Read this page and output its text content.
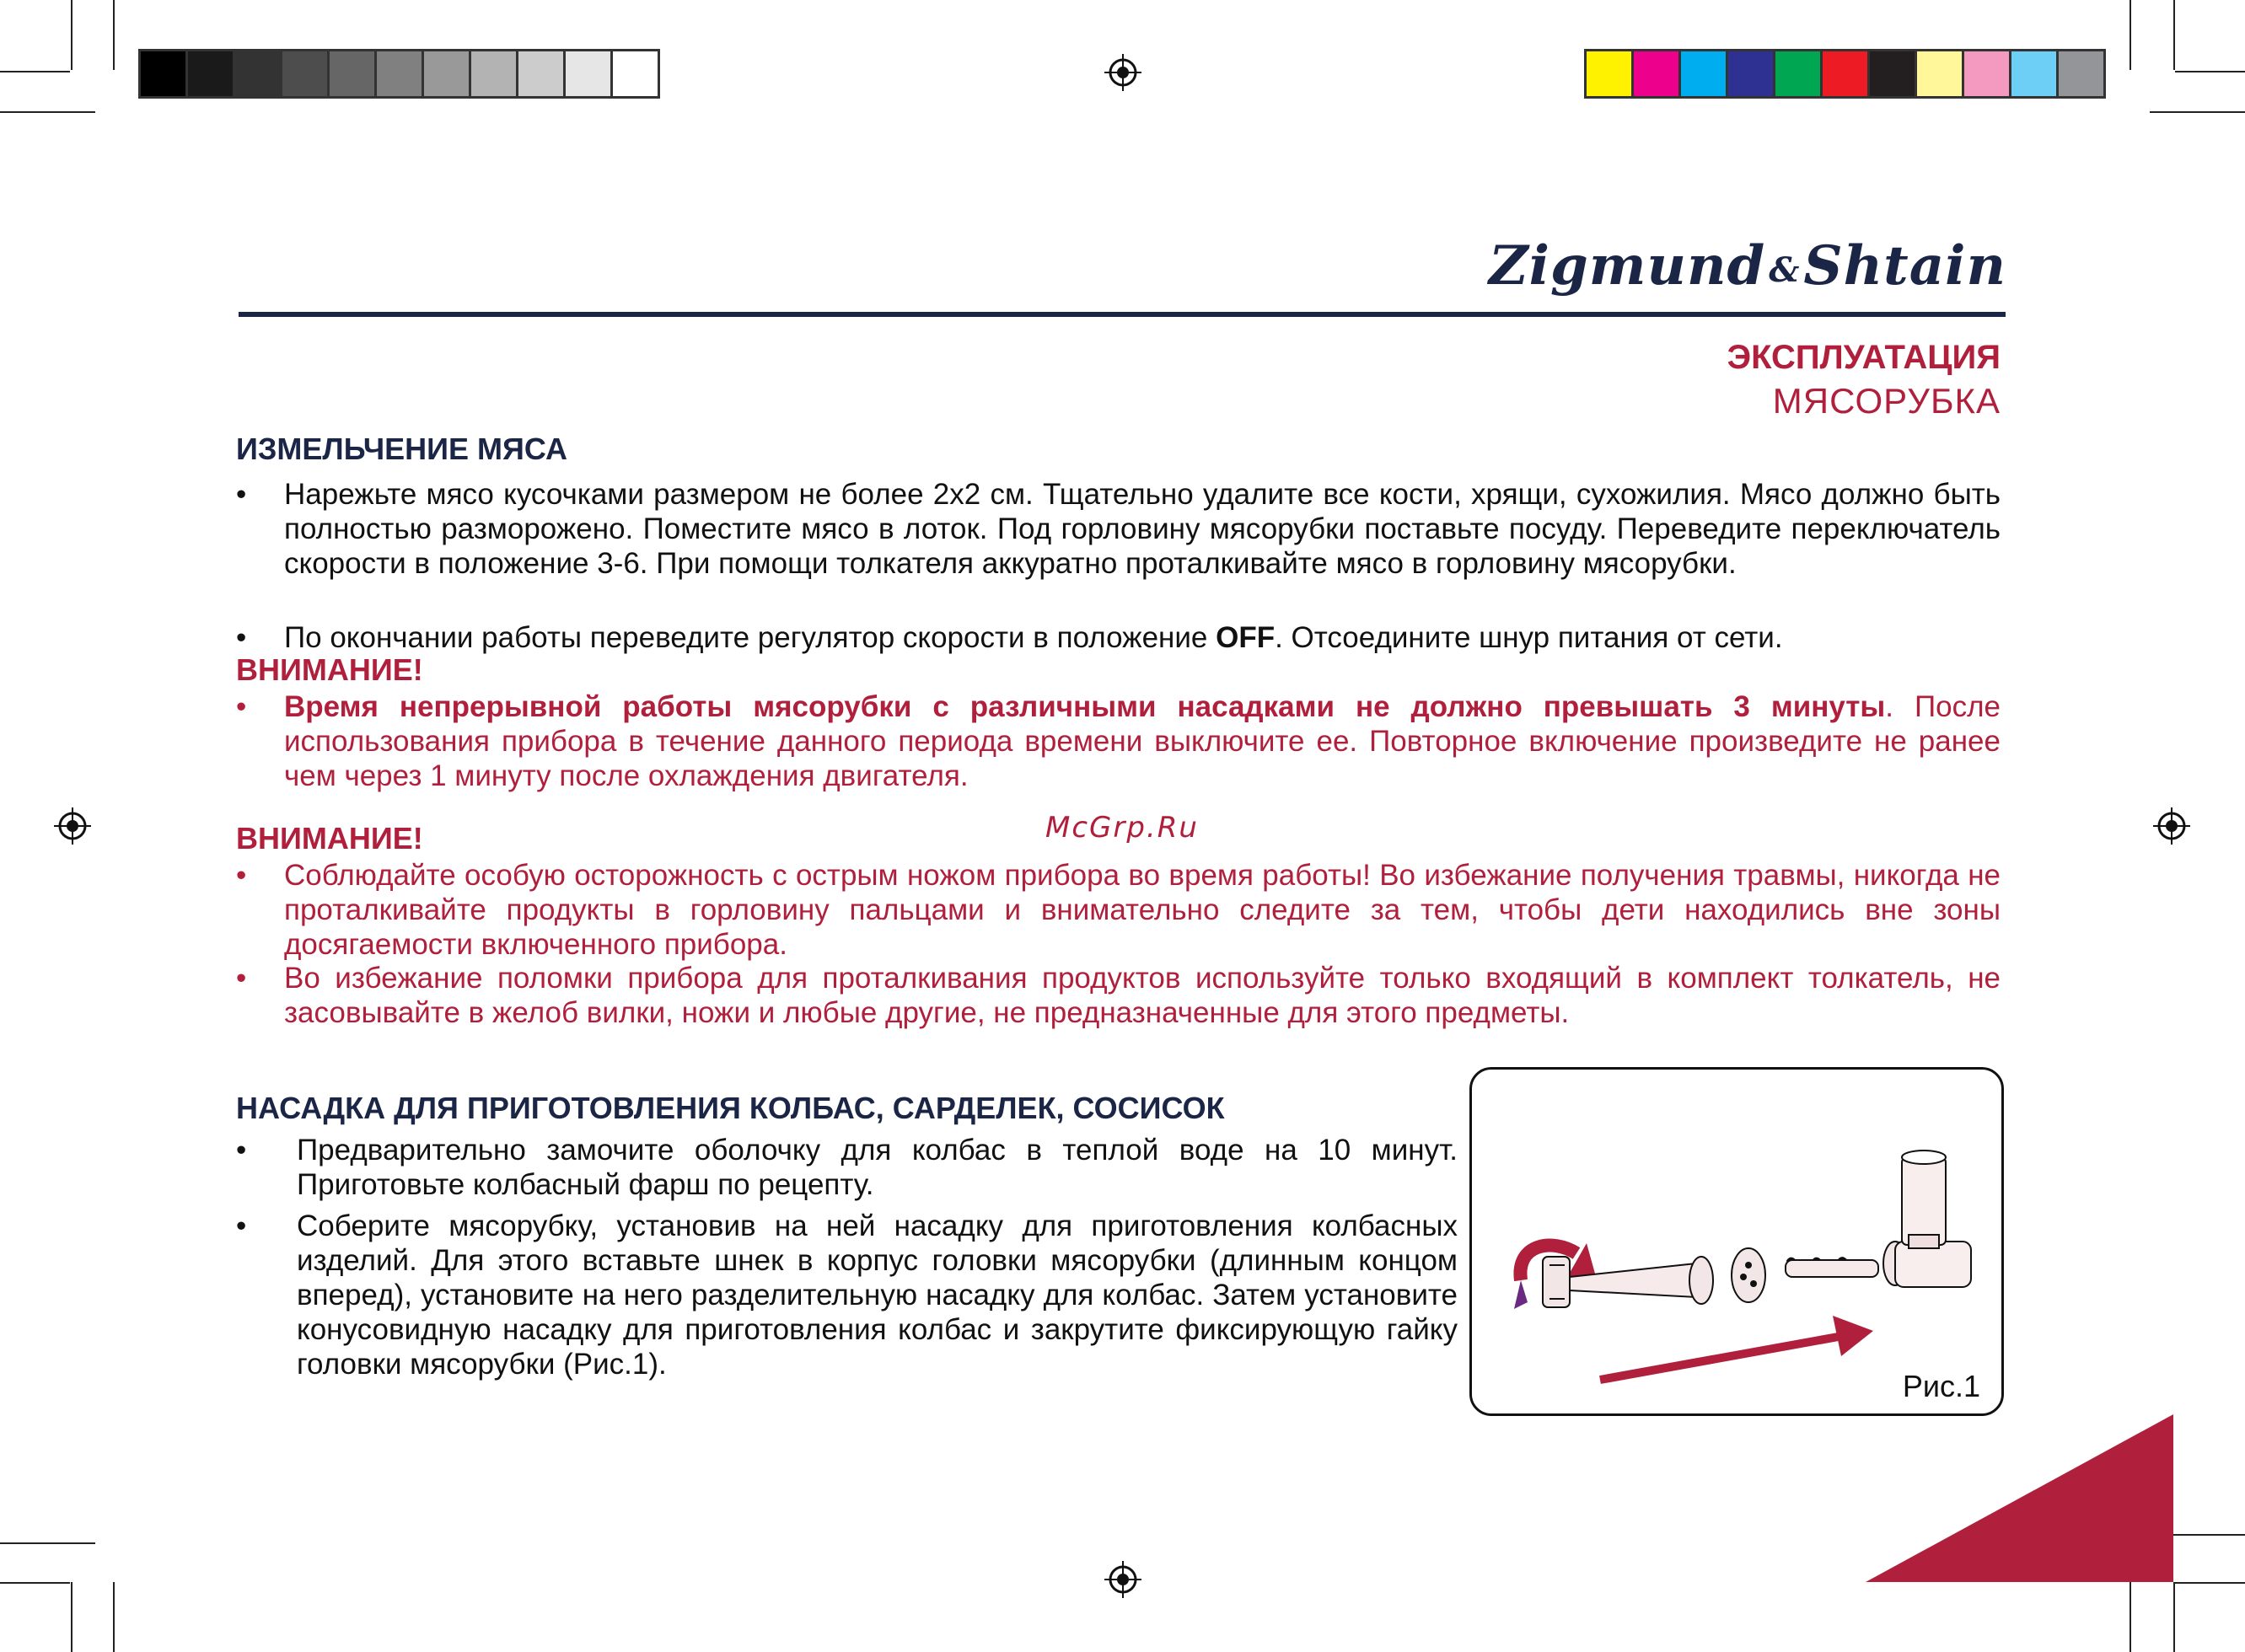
Zigmund &Shtain
ЭКСПЛУАТАЦИЯ
МЯСОРУБКА
ИЗМЕЛЬЧЕНИЕ МЯСА
• Нарежьте мясо кусочками размером не более 2х2 см. Тщательно удалите все кости, хрящи, сухожилия. Мясо должно быть полностью разморожено. Поместите мясо в лоток. Под горловину мясорубки поставьте посуду. Переведите переключатель скорости в положение 3-6. При помощи толкателя аккуратно проталкивайте мясо в горловину мясорубки.
• По окончании работы переведите регулятор скорости в положение OFF. Отсоедините шнур питания от сети.
ВНИМАНИЕ!
• Время непрерывной работы мясорубки с различными насадками не должно превышать 3 минуты. После использования прибора в течение данного периода времени выключите ее. Повторное включение произведите не ранее чем через 1 минуту после охлаждения двигателя.
McGrp.Ru
ВНИМАНИЕ!
• Соблюдайте особую осторожность с острым ножом прибора во время работы! Во избежание получения травмы, никогда не проталкивайте продукты в горловину пальцами и внимательно следите за тем, чтобы дети находились вне зоны досягаемости включенного прибора.
• Во избежание поломки прибора для проталкивания продуктов используйте только входящий в комплект толкатель, не засовывайте в желоб вилки, ножи и любые другие, не предназначенные для этого предметы.
НАСАДКА ДЛЯ ПРИГОТОВЛЕНИЯ КОЛБАС, САРДЕЛЕК, СОСИСОК
• Предварительно замочите оболочку для колбас в теплой воде на 10 минут. Приготовьте колбасный фарш по рецепту.
• Соберите мясорубку, установив на ней насадку для приготовления колбасных изделий. Для этого вставьте шнек в корпус головки мясорубки (длинным концом вперед), установите на него разделительную насадку для колбас. Затем установите конусовидную насадку для приготовления колбас и закрутите фиксирующую гайку головки мясорубки (Рис.1).
Рис.1
